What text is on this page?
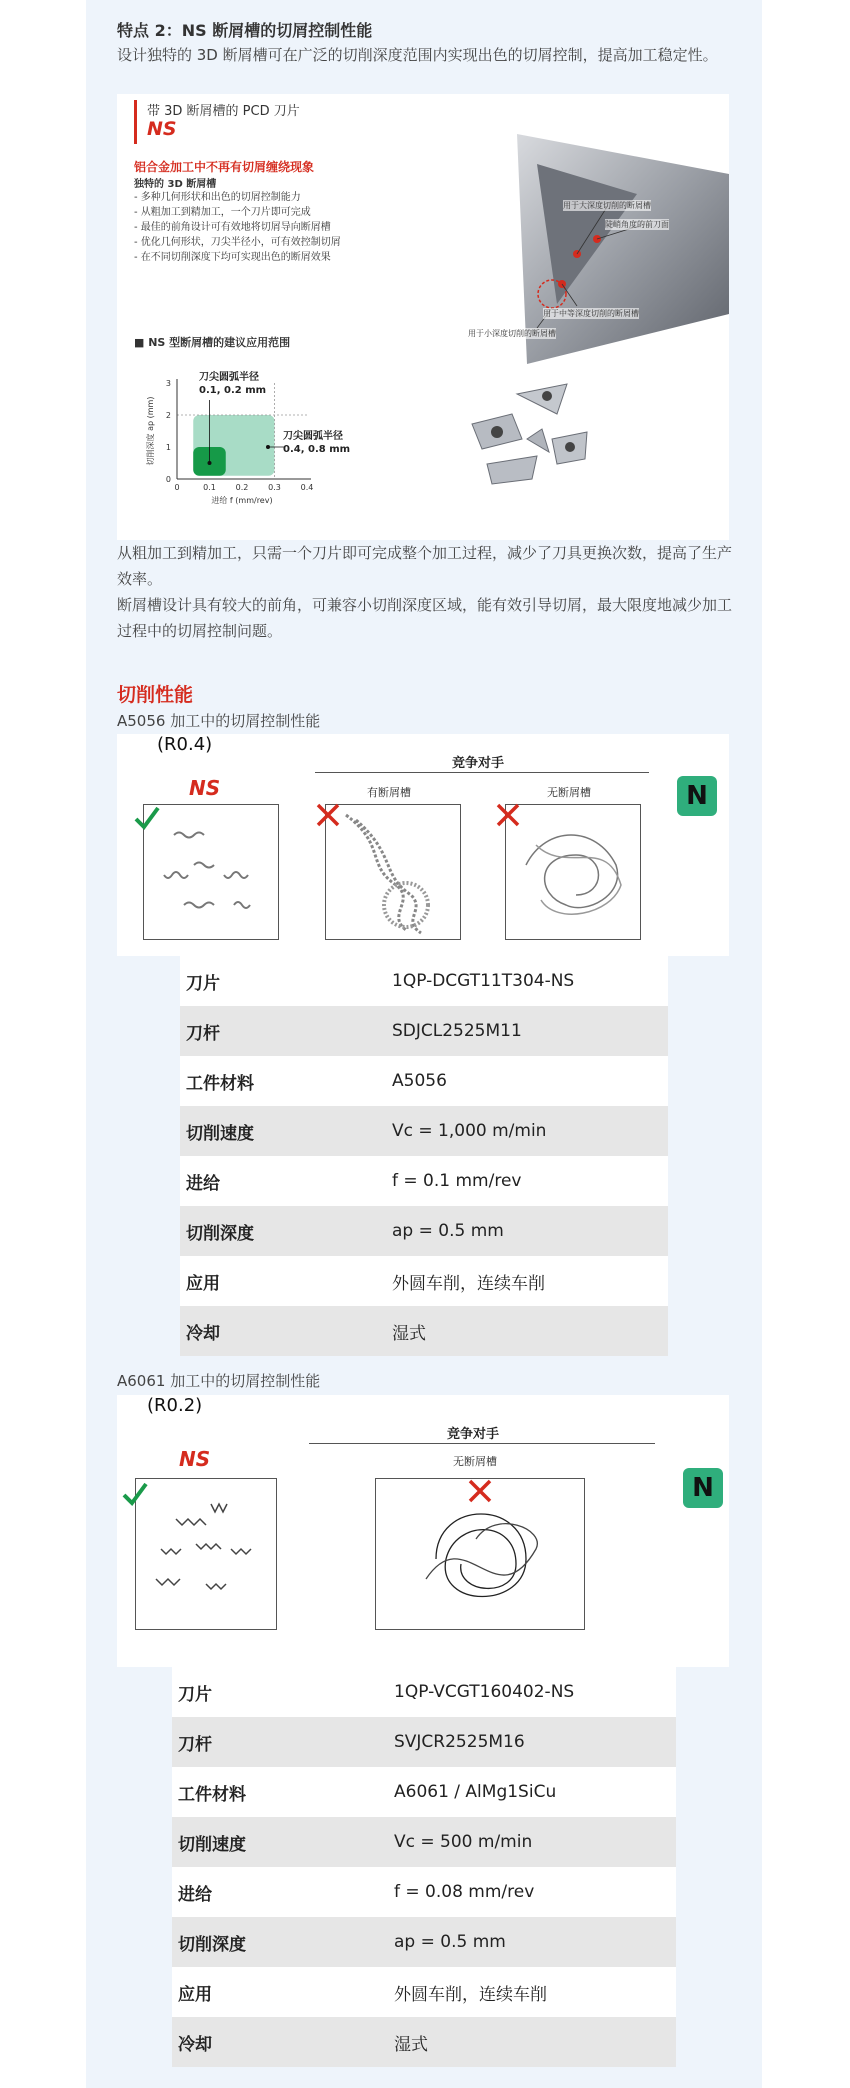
特点 2：NS 断屑槽的切屑控制性能
设计独特的 3D 断屑槽可在广泛的切削深度范围内实现出色的切屑控制，提高加工稳定性。
带 3D 断屑槽的 PCD 刀片
NS
铝合金加工中不再有切屑缠绕现象
独特的 3D 断屑槽
- 多种几何形状和出色的切屑控制能力
- 从粗加工到精加工，一个刀片即可完成
- 最佳的前角设计可有效地将切屑导向断屑槽
- 优化几何形状，刀尖半径小，可有效控制切屑
- 在不同切削深度下均可实现出色的断屑效果
用于大深度切削的断屑槽
陡峭角度的前刀面
用于中等深度切削的断屑槽
用于小深度切削的断屑槽
■ NS 型断屑槽的建议应用范围
0	0.1 0.2 0.3 0.4
0
1
2
3
进给 f (mm/rev)
切削深度 ap (mm)
刀尖圆弧半径
0.1, 0.2 mm
刀尖圆弧半径
0.4, 0.8 mm
从粗加工到精加工，只需一个刀片即可完成整个加工过程，减少了刀具更换次数，提高了生产效率。
断屑槽设计具有较大的前角，可兼容小切削深度区域，能有效引导切屑，最大限度地减少加工过程中的切屑控制问题。
切削性能
A5056 加工中的切屑控制性能
(R0.4)
NS
竞争对手
有断屑槽	无断屑槽	N
刀片	1QP-DCGT11T304-NS
刀杆	SDJCL2525M11
工件材料	A5056
切削速度	Vc = 1,000 m/min
进给	f = 0.1 mm/rev
切削深度	ap = 0.5 mm
应用	外圆车削，连续车削
冷却	湿式
A6061 加工中的切屑控制性能
(R0.2)
NS
竞争对手
无断屑槽
N
刀片	1QP-VCGT160402-NS
刀杆	SVJCR2525M16
工件材料	A6061 / AlMg1SiCu
切削速度	Vc = 500 m/min
进给	f = 0.08 mm/rev
切削深度	ap = 0.5 mm
应用	外圆车削，连续车削
冷却	湿式
